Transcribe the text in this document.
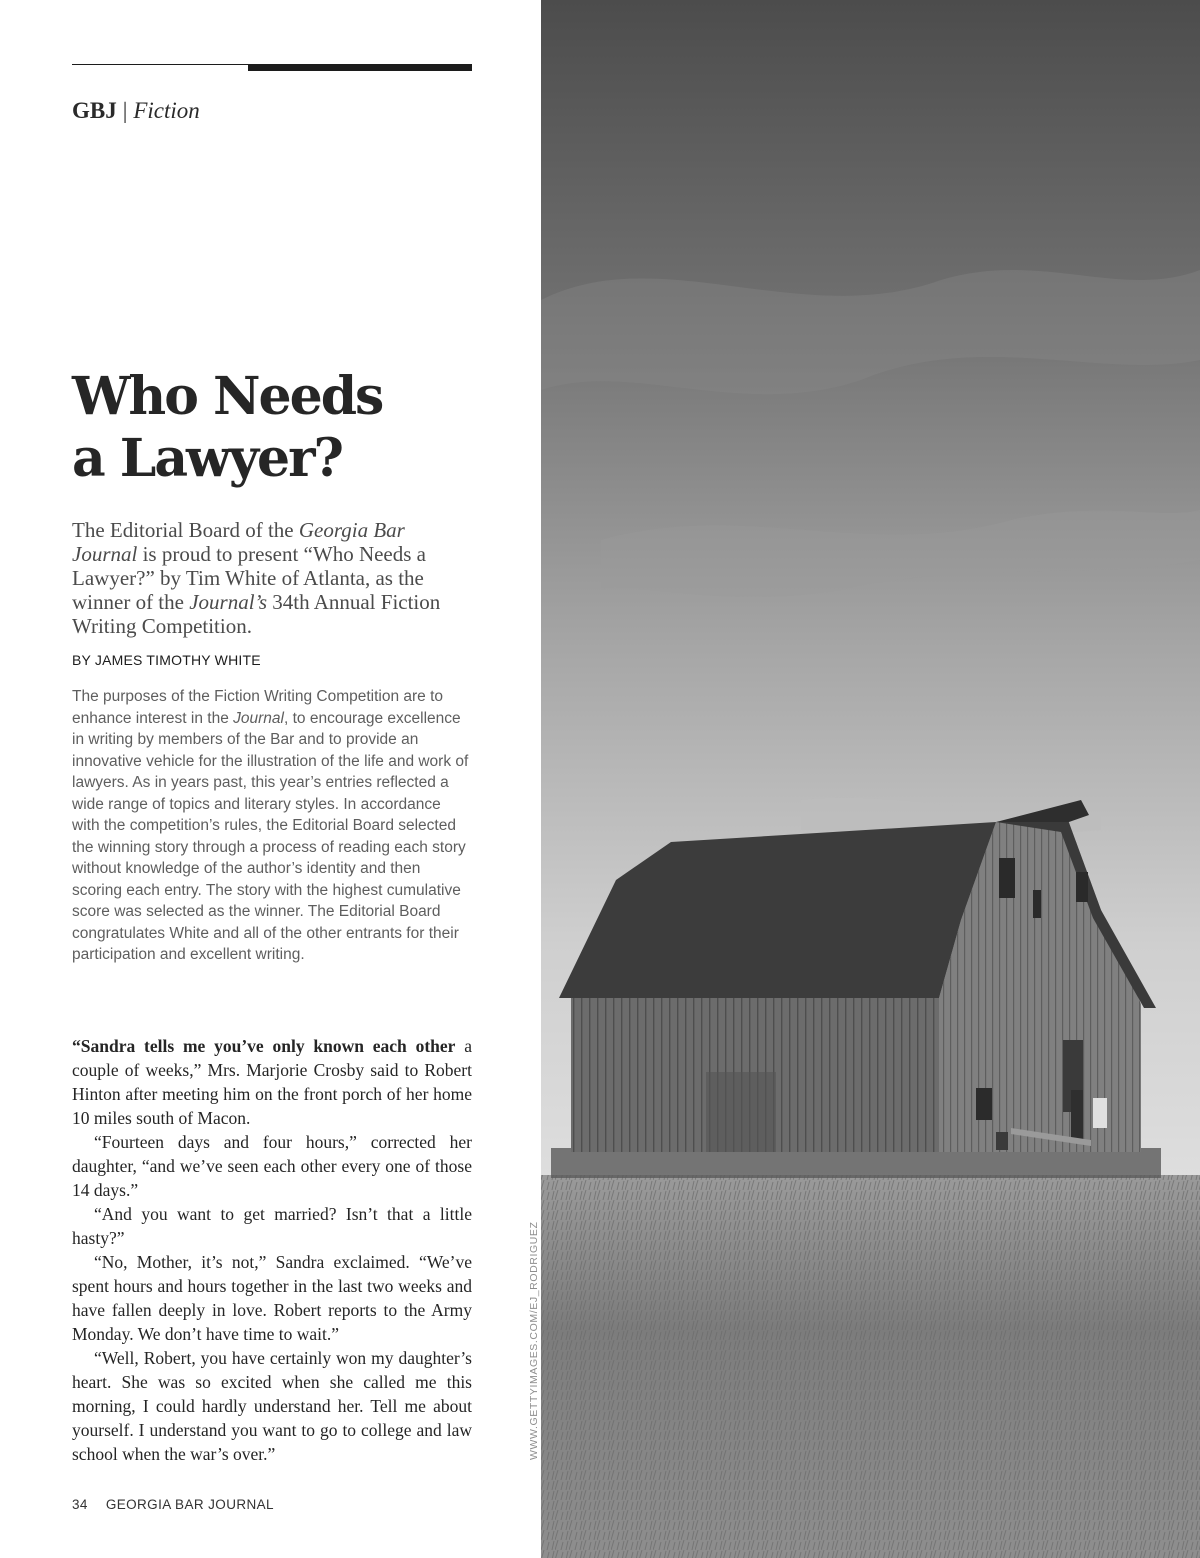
GBJ | Fiction
Who Needs
a Lawyer?

The Editorial Board of the Georgia Bar Journal is proud to present “Who Needs a Lawyer?” by Tim White of Atlanta, as the winner of the Journal’s 34th Annual Fiction Writing Competition.

BY JAMES TIMOTHY WHITE

The purposes of the Fiction Writing Competition are to enhance interest in the Journal, to encourage excellence in writing by members of the Bar and to provide an innovative vehicle for the illustration of the life and work of lawyers. As in years past, this year’s entries reflected a wide range of topics and literary styles. In accordance with the competition’s rules, the Editorial Board selected the winning story through a process of reading each story without knowledge of the author’s identity and then scoring each entry. The story with the highest cumulative score was selected as the winner. The Editorial Board congratulates White and all of the other entrants for their participation and excellent writing.

“Sandra tells me you’ve only known each other a couple of weeks,” Mrs. Marjorie Crosby said to Robert Hinton after meeting him on the front porch of her home 10 miles south of Macon.

“Fourteen days and four hours,” corrected her daughter, “and we’ve seen each other every one of those 14 days.”

“And you want to get married? Isn’t that a little hasty?”

“No, Mother, it’s not,” Sandra exclaimed. “We’ve spent hours and hours together in the last two weeks and have fallen deeply in love. Robert reports to the Army Monday. We don’t have time to wait.”

“Well, Robert, you have certainly won my daughter’s heart. She was so excited when she called me this morning, I could hardly understand her. Tell me about yourself. I understand you want to go to college and law school when the war’s over.”

34 GEORGIA BAR JOURNAL
WWW.GETTYIMAGES.COM/EJ_RODRIGUEZ
